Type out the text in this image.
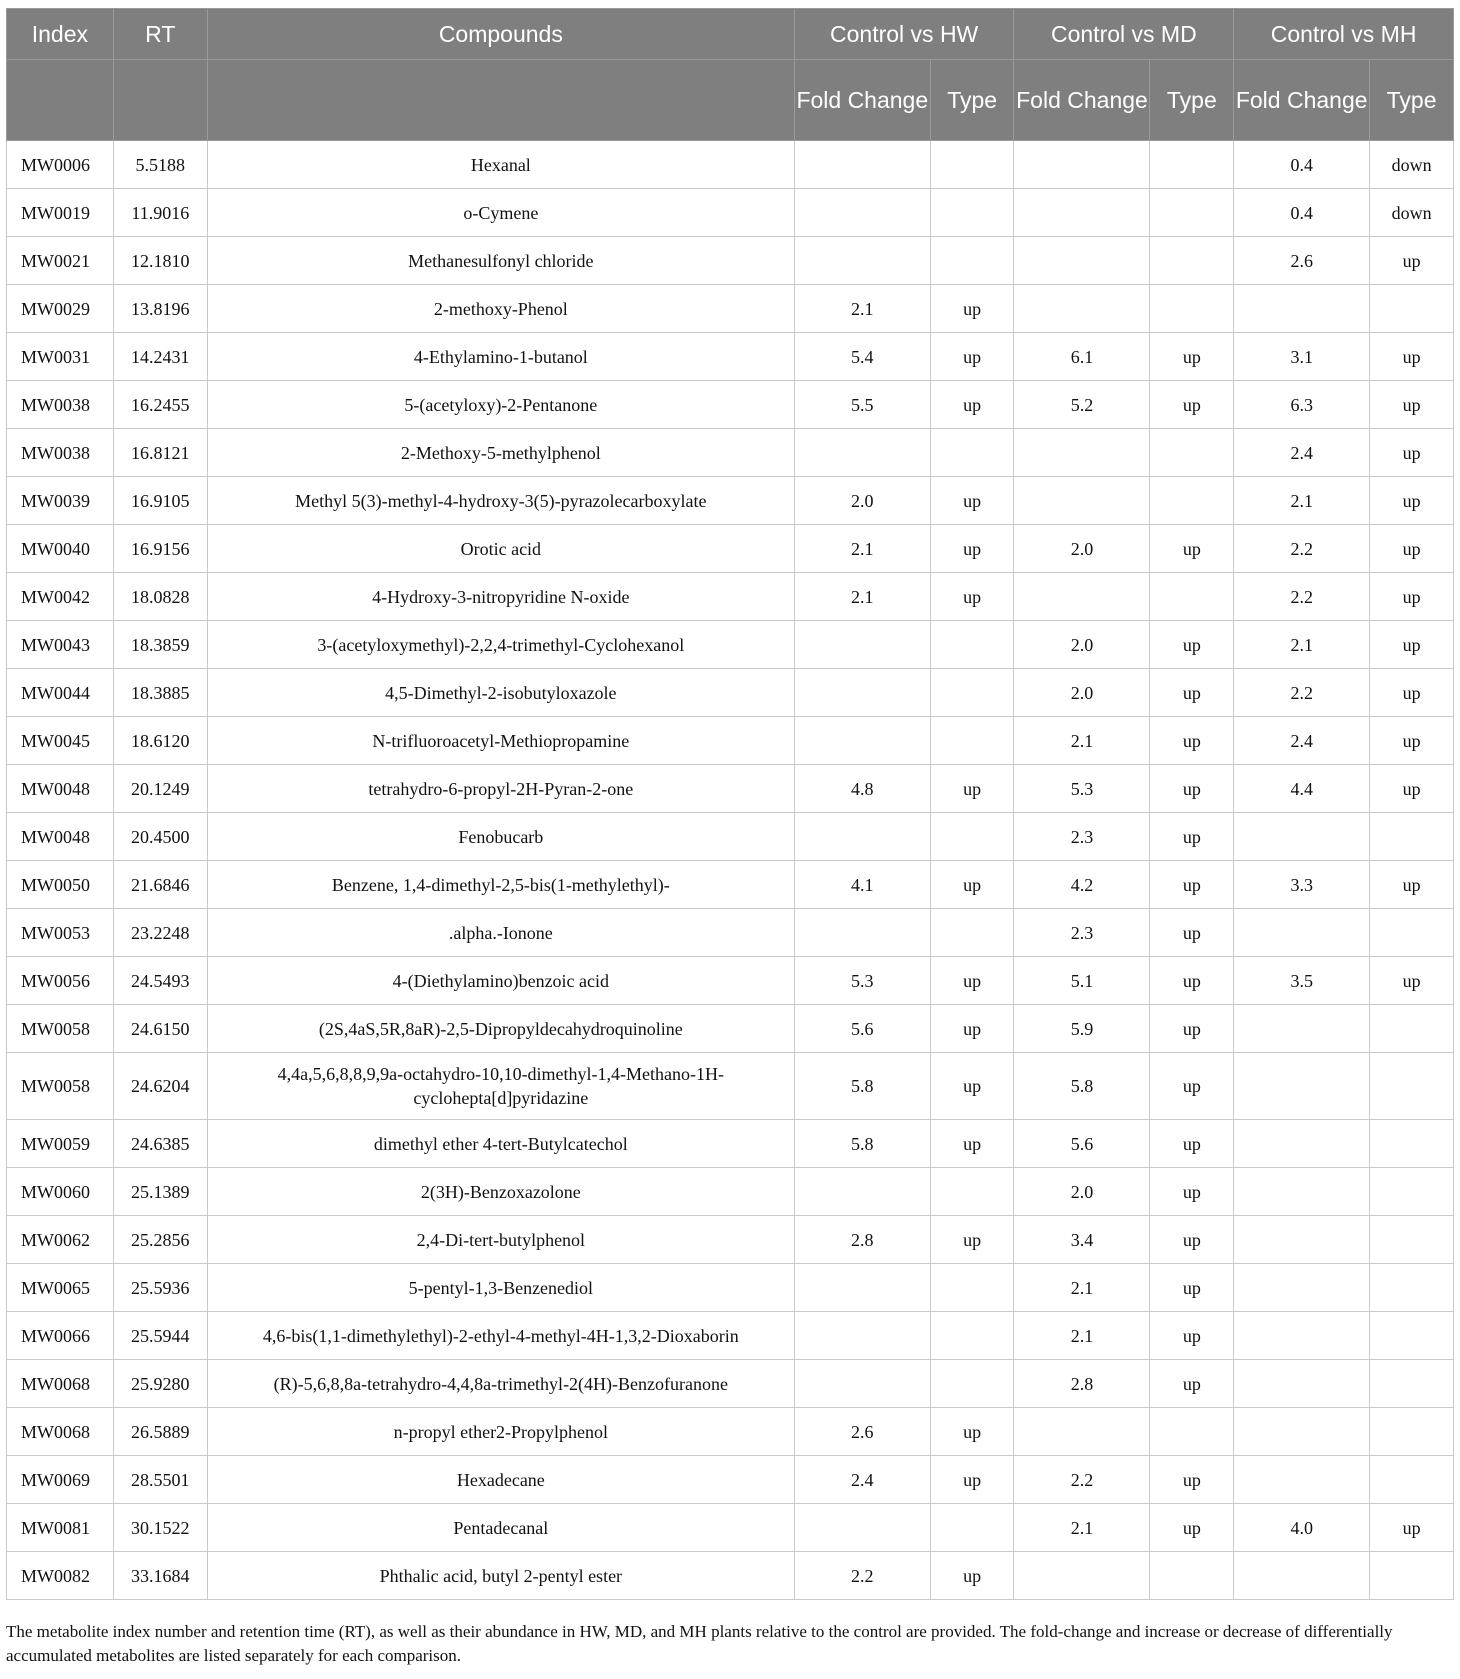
Index	RT	Compounds	Control vs HW		Control vs MD		Control vs MH	
			Fold Change	Type	Fold Change	Type	Fold Change	Type
MW0006	5.5188	Hexanal					0.4	down
MW0019	11.9016	o-Cymene					0.4	down
MW0021	12.1810	Methanesulfonyl chloride					2.6	up
MW0029	13.8196	2-methoxy-Phenol	2.1	up				
MW0031	14.2431	4-Ethylamino-1-butanol	5.4	up	6.1	up	3.1	up
MW0038	16.2455	5-(acetyloxy)-2-Pentanone	5.5	up	5.2	up	6.3	up
MW0038	16.8121	2-Methoxy-5-methylphenol					2.4	up
MW0039	16.9105	Methyl 5(3)-methyl-4-hydroxy-3(5)-pyrazolecarboxylate	2.0	up			2.1	up
MW0040	16.9156	Orotic acid	2.1	up	2.0	up	2.2	up
MW0042	18.0828	4-Hydroxy-3-nitropyridine N-oxide	2.1	up			2.2	up
MW0043	18.3859	3-(acetyloxymethyl)-2,2,4-trimethyl-Cyclohexanol			2.0	up	2.1	up
MW0044	18.3885	4,5-Dimethyl-2-isobutyloxazole			2.0	up	2.2	up
MW0045	18.6120	N-trifluoroacetyl-Methiopropamine			2.1	up	2.4	up
MW0048	20.1249	tetrahydro-6-propyl-2H-Pyran-2-one	4.8	up	5.3	up	4.4	up
MW0048	20.4500	Fenobucarb			2.3	up		
MW0050	21.6846	Benzene, 1,4-dimethyl-2,5-bis(1-methylethyl)-	4.1	up	4.2	up	3.3	up
MW0053	23.2248	.alpha.-Ionone			2.3	up		
MW0056	24.5493	4-(Diethylamino)benzoic acid	5.3	up	5.1	up	3.5	up
MW0058	24.6150	(2S,4aS,5R,8aR)-2,5-Dipropyldecahydroquinoline	5.6	up	5.9	up		
MW0058	24.6204	4,4a,5,6,8,8,9,9a-octahydro-10,10-dimethyl-1,4-Methano-1H-cyclohepta[d]pyridazine	5.8	up	5.8	up		
MW0059	24.6385	dimethyl ether 4-tert-Butylcatechol	5.8	up	5.6	up		
MW0060	25.1389	2(3H)-Benzoxazolone			2.0	up		
MW0062	25.2856	2,4-Di-tert-butylphenol	2.8	up	3.4	up		
MW0065	25.5936	5-pentyl-1,3-Benzenediol			2.1	up		
MW0066	25.5944	4,6-bis(1,1-dimethylethyl)-2-ethyl-4-methyl-4H-1,3,2-Dioxaborin			2.1	up		
MW0068	25.9280	(R)-5,6,8,8a-tetrahydro-4,4,8a-trimethyl-2(4H)-Benzofuranone			2.8	up		
MW0068	26.5889	n-propyl ether2-Propylphenol	2.6	up				
MW0069	28.5501	Hexadecane	2.4	up	2.2	up		
MW0081	30.1522	Pentadecanal			2.1	up	4.0	up
MW0082	33.1684	Phthalic acid, butyl 2-pentyl ester	2.2	up				
The metabolite index number and retention time (RT), as well as their abundance in HW, MD, and MH plants relative to the control are provided. The fold-change and increase or decrease of differentially accumulated metabolites are listed separately for each comparison.
